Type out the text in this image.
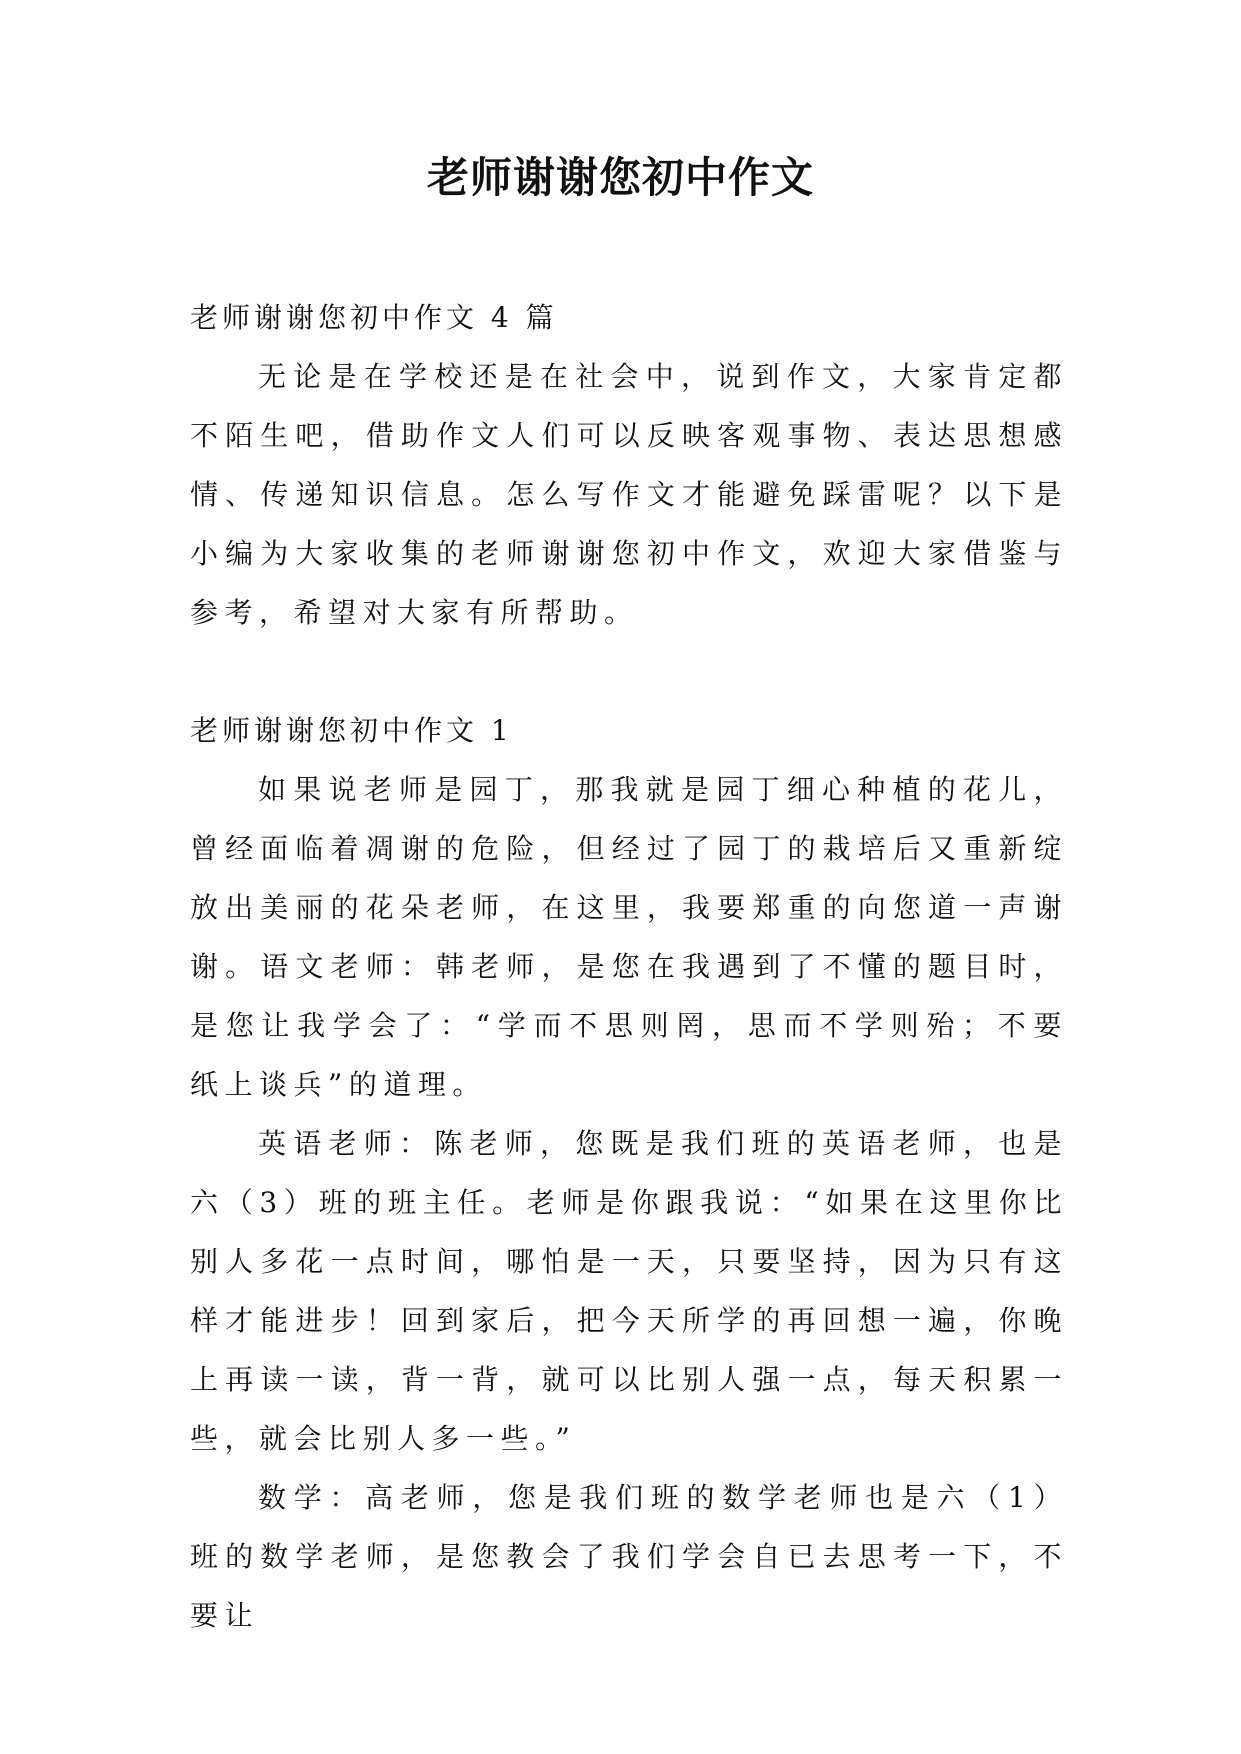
老师谢谢您初中作文

老师谢谢您初中作文 4 篇

无论是在学校还是在社会中，说到作文，大家肯定都不陌生吧，借助作文人们可以反映客观事物、表达思想感情、传递知识信息。怎么写作文才能避免踩雷呢？以下是小编为大家收集的老师谢谢您初中作文，欢迎大家借鉴与参考，希望对大家有所帮助。

老师谢谢您初中作文 1

如果说老师是园丁，那我就是园丁细心种植的花儿，曾经面临着凋谢的危险，但经过了园丁的栽培后又重新绽放出美丽的花朵老师，在这里，我要郑重的向您道一声谢谢。语文老师：韩老师，是您在我遇到了不懂的题目时，是您让我学会了：“学而不思则罔，思而不学则殆；不要纸上谈兵”的道理。

英语老师：陈老师，您既是我们班的英语老师，也是六（3）班的班主任。老师是你跟我说：“如果在这里你比别人多花一点时间，哪怕是一天，只要坚持，因为只有这样才能进步！回到家后，把今天所学的再回想一遍，你晚上再读一读，背一背，就可以比别人强一点，每天积累一些，就会比别人多一些。”

数学：高老师，您是我们班的数学老师也是六（1）班的数学老师，是您教会了我们学会自已去思考一下，不要让
